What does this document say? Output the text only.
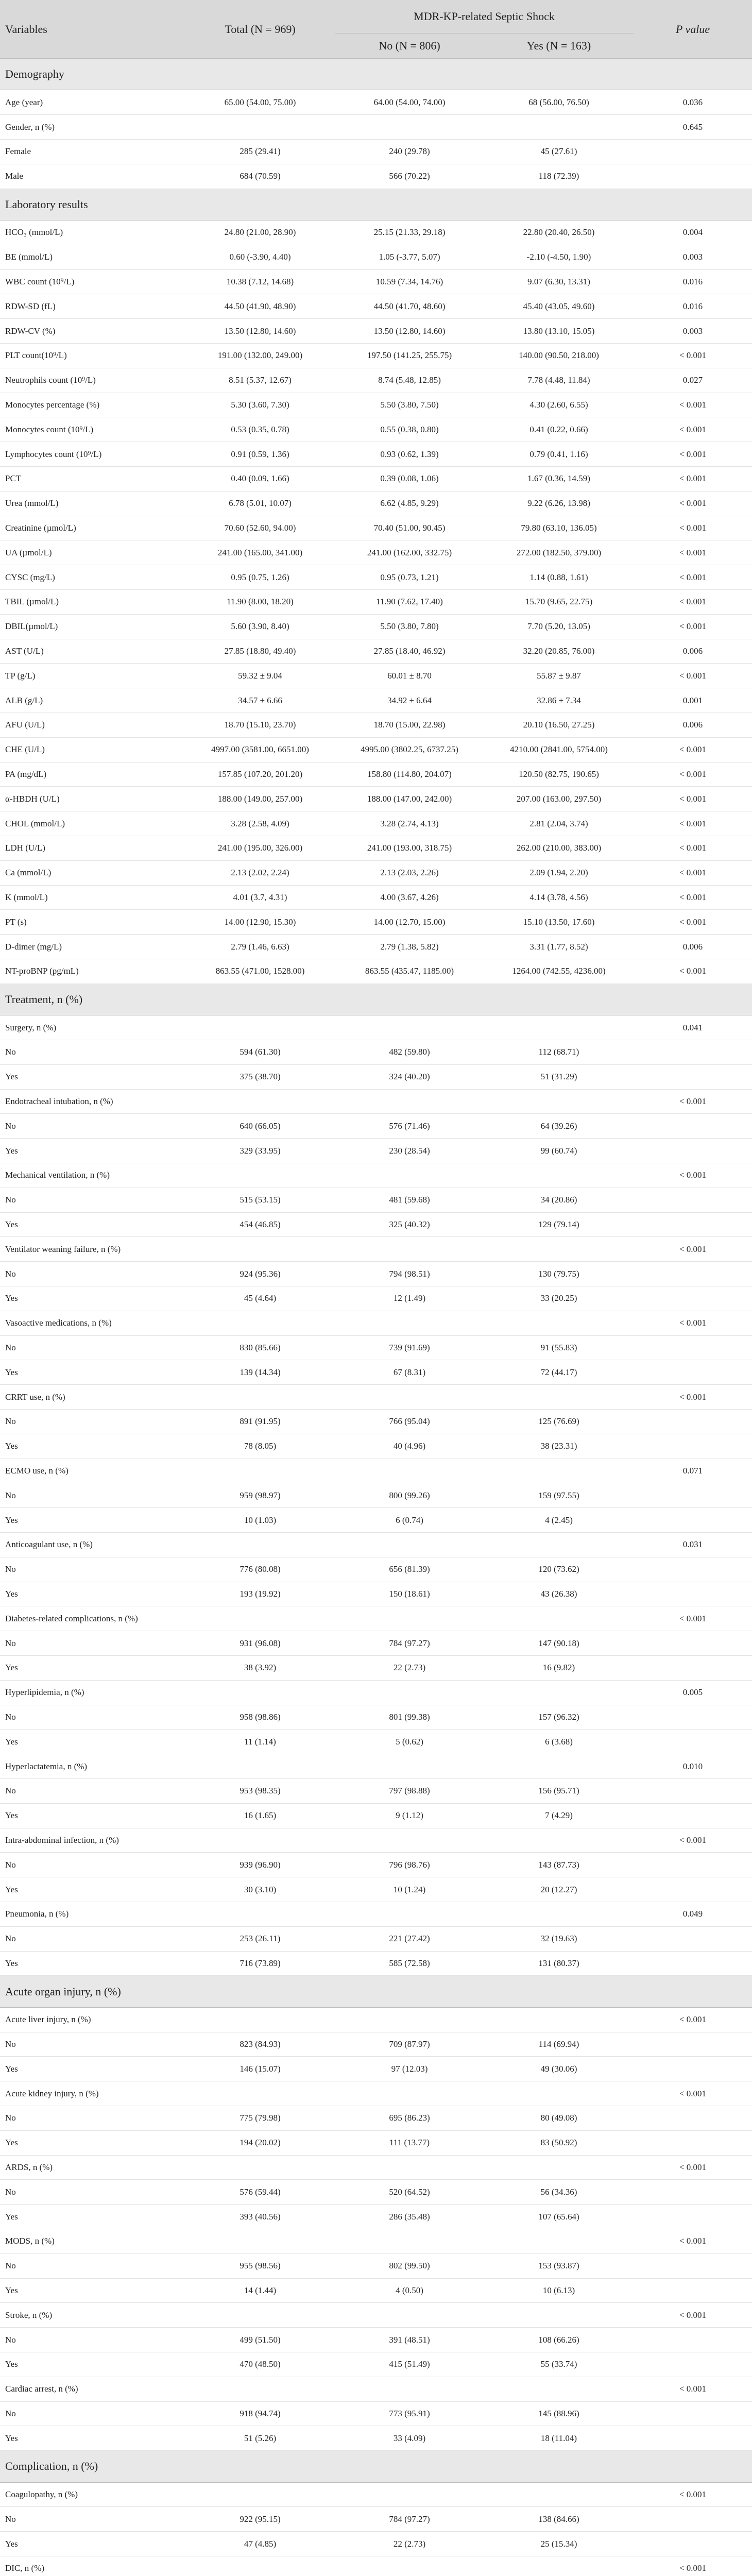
Variables	Total (N = 969)	MDR-KP-related Septic Shock		P value
		No (N = 806)	Yes (N = 163)	
Demography				
Age (year)	65.00 (54.00, 75.00)	64.00 (54.00, 74.00)	68 (56.00, 76.50)	0.036
Gender, n (%)				0.645
Female	285 (29.41)	240 (29.78)	45 (27.61)	
Male	684 (70.59)	566 (70.22)	118 (72.39)	
Laboratory results				
HCO₃ (mmol/L)	24.80 (21.00, 28.90)	25.15 (21.33, 29.18)	22.80 (20.40, 26.50)	0.004
BE (mmol/L)	0.60 (-3.90, 4.40)	1.05 (-3.77, 5.07)	-2.10 (-4.50, 1.90)	0.003
WBC count (10⁹/L)	10.38 (7.12, 14.68)	10.59 (7.34, 14.76)	9.07 (6.30, 13.31)	0.016
RDW-SD (fL)	44.50 (41.90, 48.90)	44.50 (41.70, 48.60)	45.40 (43.05, 49.60)	0.016
RDW-CV (%)	13.50 (12.80, 14.60)	13.50 (12.80, 14.60)	13.80 (13.10, 15.05)	0.003
PLT count(10⁹/L)	191.00 (132.00, 249.00)	197.50 (141.25, 255.75)	140.00 (90.50, 218.00)	< 0.001
Neutrophils count (10⁹/L)	8.51 (5.37, 12.67)	8.74 (5.48, 12.85)	7.78 (4.48, 11.84)	0.027
Monocytes percentage (%)	5.30 (3.60, 7.30)	5.50 (3.80, 7.50)	4.30 (2.60, 6.55)	< 0.001
Monocytes count (10⁹/L)	0.53 (0.35, 0.78)	0.55 (0.38, 0.80)	0.41 (0.22, 0.66)	< 0.001
Lymphocytes count (10⁹/L)	0.91 (0.59, 1.36)	0.93 (0.62, 1.39)	0.79 (0.41, 1.16)	< 0.001
PCT	0.40 (0.09, 1.66)	0.39 (0.08, 1.06)	1.67 (0.36, 14.59)	< 0.001
Urea (mmol/L)	6.78 (5.01, 10.07)	6.62 (4.85, 9.29)	9.22 (6.26, 13.98)	< 0.001
Creatinine (µmol/L)	70.60 (52.60, 94.00)	70.40 (51.00, 90.45)	79.80 (63.10, 136.05)	< 0.001
UA (µmol/L)	241.00 (165.00, 341.00)	241.00 (162.00, 332.75)	272.00 (182.50, 379.00)	< 0.001
CYSC (mg/L)	0.95 (0.75, 1.26)	0.95 (0.73, 1.21)	1.14 (0.88, 1.61)	< 0.001
TBIL (µmol/L)	11.90 (8.00, 18.20)	11.90 (7.62, 17.40)	15.70 (9.65, 22.75)	< 0.001
DBIL(µmol/L)	5.60 (3.90, 8.40)	5.50 (3.80, 7.80)	7.70 (5.20, 13.05)	< 0.001
AST (U/L)	27.85 (18.80, 49.40)	27.85 (18.40, 46.92)	32.20 (20.85, 76.00)	0.006
TP (g/L)	59.32 ± 9.04	60.01 ± 8.70	55.87 ± 9.87	< 0.001
ALB (g/L)	34.57 ± 6.66	34.92 ± 6.64	32.86 ± 7.34	0.001
AFU (U/L)	18.70 (15.10, 23.70)	18.70 (15.00, 22.98)	20.10 (16.50, 27.25)	0.006
CHE (U/L)	4997.00 (3581.00, 6651.00)	4995.00 (3802.25, 6737.25)	4210.00 (2841.00, 5754.00)	< 0.001
PA (mg/dL)	157.85 (107.20, 201.20)	158.80 (114.80, 204.07)	120.50 (82.75, 190.65)	< 0.001
α-HBDH (U/L)	188.00 (149.00, 257.00)	188.00 (147.00, 242.00)	207.00 (163.00, 297.50)	< 0.001
CHOL (mmol/L)	3.28 (2.58, 4.09)	3.28 (2.74, 4.13)	2.81 (2.04, 3.74)	< 0.001
LDH (U/L)	241.00 (195.00, 326.00)	241.00 (193.00, 318.75)	262.00 (210.00, 383.00)	< 0.001
Ca (mmol/L)	2.13 (2.02, 2.24)	2.13 (2.03, 2.26)	2.09 (1.94, 2.20)	< 0.001
K (mmol/L)	4.01 (3.7, 4.31)	4.00 (3.67, 4.26)	4.14 (3.78, 4.56)	< 0.001
PT (s)	14.00 (12.90, 15.30)	14.00 (12.70, 15.00)	15.10 (13.50, 17.60)	< 0.001
D-dimer (mg/L)	2.79 (1.46, 6.63)	2.79 (1.38, 5.82)	3.31 (1.77, 8.52)	0.006
NT-proBNP (pg/mL)	863.55 (471.00, 1528.00)	863.55 (435.47, 1185.00)	1264.00 (742.55, 4236.00)	< 0.001
Treatment, n (%)				
Surgery, n (%)				0.041
No	594 (61.30)	482 (59.80)	112 (68.71)	
Yes	375 (38.70)	324 (40.20)	51 (31.29)	
Endotracheal intubation, n (%)				< 0.001
No	640 (66.05)	576 (71.46)	64 (39.26)	
Yes	329 (33.95)	230 (28.54)	99 (60.74)	
Mechanical ventilation, n (%)				< 0.001
No	515 (53.15)	481 (59.68)	34 (20.86)	
Yes	454 (46.85)	325 (40.32)	129 (79.14)	
Ventilator weaning failure, n (%)				< 0.001
No	924 (95.36)	794 (98.51)	130 (79.75)	
Yes	45 (4.64)	12 (1.49)	33 (20.25)	
Vasoactive medications, n (%)				< 0.001
No	830 (85.66)	739 (91.69)	91 (55.83)	
Yes	139 (14.34)	67 (8.31)	72 (44.17)	
CRRT use, n (%)				< 0.001
No	891 (91.95)	766 (95.04)	125 (76.69)	
Yes	78 (8.05)	40 (4.96)	38 (23.31)	
ECMO use, n (%)				0.071
No	959 (98.97)	800 (99.26)	159 (97.55)	
Yes	10 (1.03)	6 (0.74)	4 (2.45)	
Anticoagulant use, n (%)				0.031
No	776 (80.08)	656 (81.39)	120 (73.62)	
Yes	193 (19.92)	150 (18.61)	43 (26.38)	
Diabetes-related complications, n (%)				< 0.001
No	931 (96.08)	784 (97.27)	147 (90.18)	
Yes	38 (3.92)	22 (2.73)	16 (9.82)	
Hyperlipidemia, n (%)				0.005
No	958 (98.86)	801 (99.38)	157 (96.32)	
Yes	11 (1.14)	5 (0.62)	6 (3.68)	
Hyperlactatemia, n (%)				0.010
No	953 (98.35)	797 (98.88)	156 (95.71)	
Yes	16 (1.65)	9 (1.12)	7 (4.29)	
Intra-abdominal infection, n (%)				< 0.001
No	939 (96.90)	796 (98.76)	143 (87.73)	
Yes	30 (3.10)	10 (1.24)	20 (12.27)	
Pneumonia, n (%)				0.049
No	253 (26.11)	221 (27.42)	32 (19.63)	
Yes	716 (73.89)	585 (72.58)	131 (80.37)	
Acute organ injury, n (%)				
Acute liver injury, n (%)				< 0.001
No	823 (84.93)	709 (87.97)	114 (69.94)	
Yes	146 (15.07)	97 (12.03)	49 (30.06)	
Acute kidney injury, n (%)				< 0.001
No	775 (79.98)	695 (86.23)	80 (49.08)	
Yes	194 (20.02)	111 (13.77)	83 (50.92)	
ARDS, n (%)				< 0.001
No	576 (59.44)	520 (64.52)	56 (34.36)	
Yes	393 (40.56)	286 (35.48)	107 (65.64)	
MODS, n (%)				< 0.001
No	955 (98.56)	802 (99.50)	153 (93.87)	
Yes	14 (1.44)	4 (0.50)	10 (6.13)	
Stroke, n (%)				< 0.001
No	499 (51.50)	391 (48.51)	108 (66.26)	
Yes	470 (48.50)	415 (51.49)	55 (33.74)	
Cardiac arrest, n (%)				< 0.001
No	918 (94.74)	773 (95.91)	145 (88.96)	
Yes	51 (5.26)	33 (4.09)	18 (11.04)	
Complication, n (%)				
Coagulopathy, n (%)				< 0.001
No	922 (95.15)	784 (97.27)	138 (84.66)	
Yes	47 (4.85)	22 (2.73)	25 (15.34)	
DIC, n (%)				< 0.001
